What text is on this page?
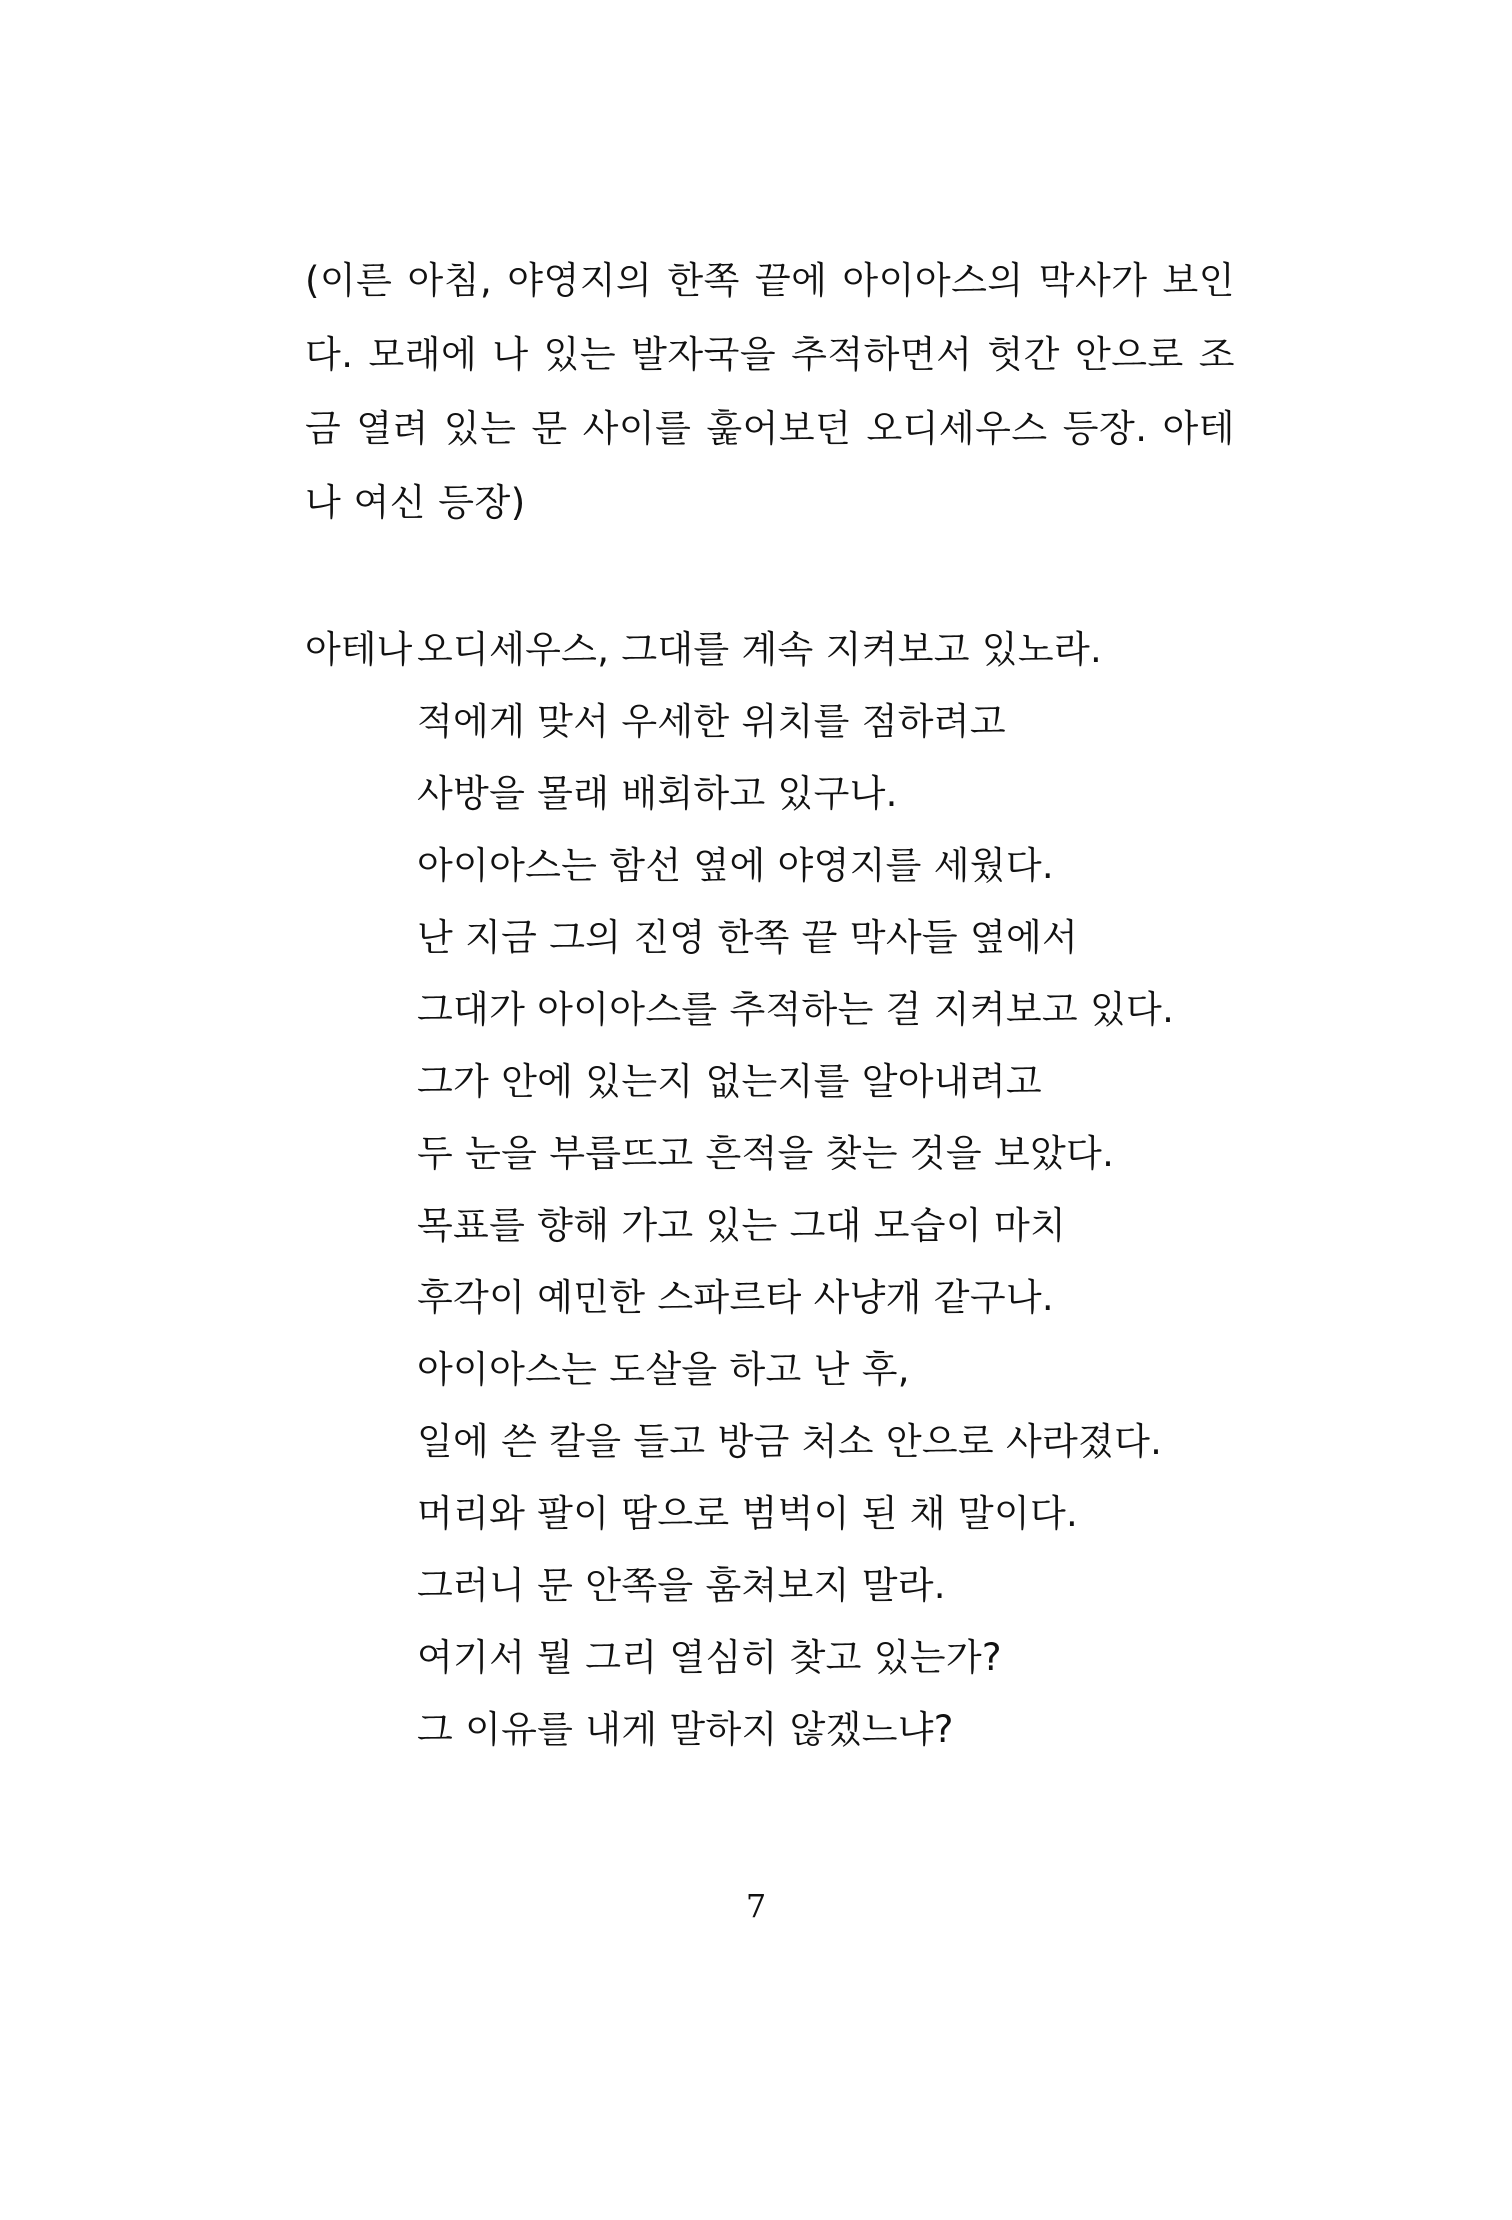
(이른 아침, 야영지의 한쪽 끝에 아이아스의 막사가 보인다. 모래에 나 있는 발자국을 추적하면서 헛간 안으로 조금 열려 있는 문 사이를 훑어보던 오디세우스 등장. 아테나 여신 등장)

아테나 오디세우스, 그대를 계속 지켜보고 있노라.
적에게 맞서 우세한 위치를 점하려고
사방을 몰래 배회하고 있구나.
아이아스는 함선 옆에 야영지를 세웠다.
난 지금 그의 진영 한쪽 끝 막사들 옆에서
그대가 아이아스를 추적하는 걸 지켜보고 있다.
그가 안에 있는지 없는지를 알아내려고
두 눈을 부릅뜨고 흔적을 찾는 것을 보았다.
목표를 향해 가고 있는 그대 모습이 마치
후각이 예민한 스파르타 사냥개 같구나.
아이아스는 도살을 하고 난 후,
일에 쓴 칼을 들고 방금 처소 안으로 사라졌다.
머리와 팔이 땀으로 범벅이 된 채 말이다.
그러니 문 안쪽을 훔쳐보지 말라.
여기서 뭘 그리 열심히 찾고 있는가?
그 이유를 내게 말하지 않겠느냐?
7
